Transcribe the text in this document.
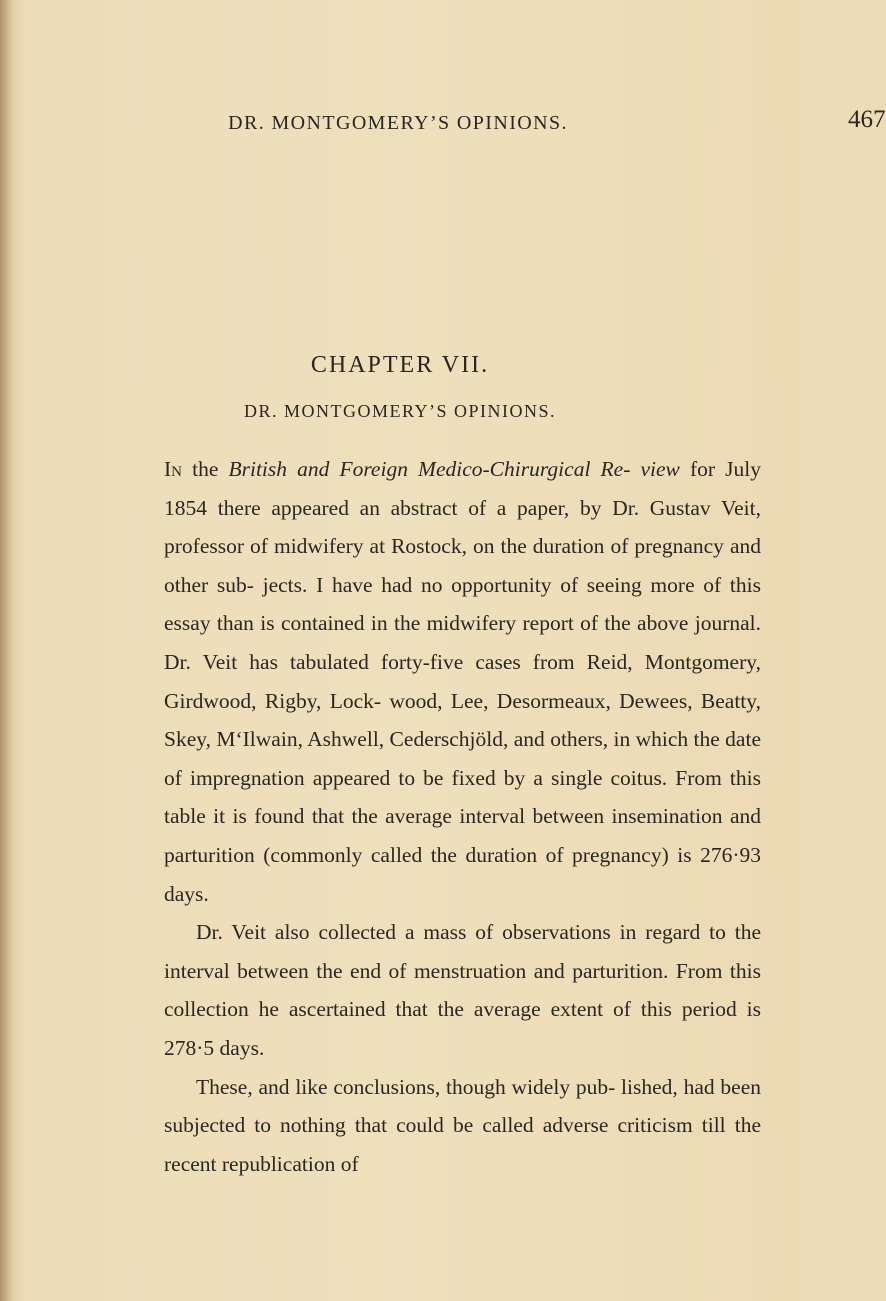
DR. MONTGOMERY’S OPINIONS.	467
CHAPTER VII.
DR. MONTGOMERY’S OPINIONS.

In the British and Foreign Medico-Chirurgical Re- view for July 1854 there appeared an abstract of a paper, by Dr. Gustav Veit, professor of midwifery at Rostock, on the duration of pregnancy and other sub- jects. I have had no opportunity of seeing more of this essay than is contained in the midwifery report of the above journal. Dr. Veit has tabulated forty-five cases from Reid, Montgomery, Girdwood, Rigby, Lock- wood, Lee, Desormeaux, Dewees, Beatty, Skey, M‘Ilwain, Ashwell, Cederschjöld, and others, in which the date of impregnation appeared to be fixed by a single coitus. From this table it is found that the average interval between insemination and parturition (commonly called the duration of pregnancy) is 276·93 days.

Dr. Veit also collected a mass of observations in regard to the interval between the end of menstruation and parturition. From this collection he ascertained that the average extent of this period is 278·5 days.

These, and like conclusions, though widely pub- lished, had been subjected to nothing that could be called adverse criticism till the recent republication of
